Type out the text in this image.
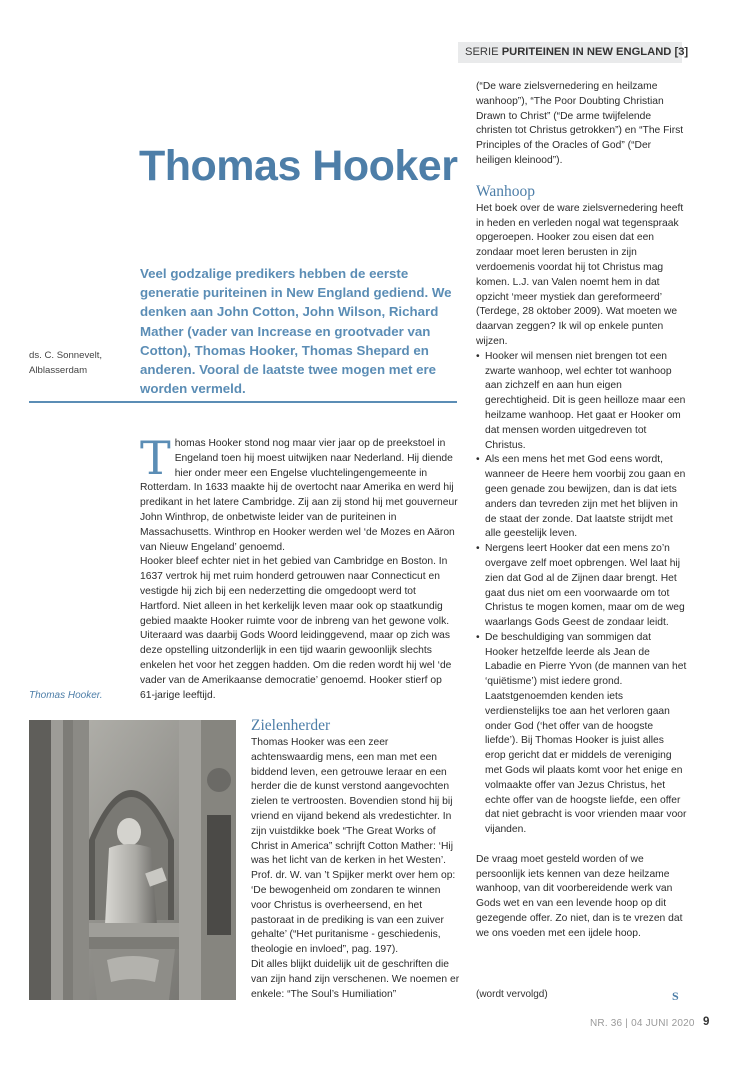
SERIE PURITEINEN IN NEW ENGLAND [3]
Thomas Hooker

Veel godzalige predikers hebben de eerste generatie puriteinen in New England gediend. We denken aan John Cotton, John Wilson, Richard Mather (vader van Increase en grootvader van Cotton), Thomas Hooker, Thomas Shepard en anderen. Vooral de laatste twee mogen met ere worden vermeld.

ds. C. Sonnevelt,
Alblasserdam

Thomas Hooker stond nog maar vier jaar op de preekstoel in Engeland toen hij moest uitwijken naar Nederland. Hij diende hier onder meer een Engelse vluchtelingengemeente in Rotterdam. In 1633 maakte hij de overtocht naar Amerika en werd hij predikant in het latere Cambridge. Zij aan zij stond hij met gouverneur John Winthrop, de onbetwiste leider van de puriteinen in Massachusetts. Winthrop en Hooker werden wel ‘de Mozes en Aäron van Nieuw Engeland’ genoemd.

Hooker bleef echter niet in het gebied van Cambridge en Boston. In 1637 vertrok hij met ruim honderd getrouwen naar Connecticut en vestigde hij zich bij een nederzetting die omgedoopt werd tot Hartford. Niet alleen in het kerkelijk leven maar ook op staatkundig gebied maakte Hooker ruimte voor de inbreng van het gewone volk. Uiteraard was daarbij Gods Woord leidinggevend, maar op zich was deze opstelling uitzonderlijk in een tijd waarin gewoonlijk slechts enkelen het voor het zeggen hadden. Om die reden wordt hij wel ‘de vader van de Amerikaanse democratie’ genoemd. Hooker stierf op 61-jarige leeftijd.

Thomas Hooker.
Zielenherder

Thomas Hooker was een zeer achtenswaardig mens, een man met een biddend leven, een getrouwe leraar en een herder die de kunst verstond aangevochten zielen te vertroosten. Bovendien stond hij bij vriend en vijand bekend als vredestichter. In zijn vuistdikke boek “The Great Works of Christ in America” schrijft Cotton Mather: ‘Hij was het licht van de kerken in het Westen’. Prof. dr. W. van ’t Spijker merkt over hem op: ‘De bewogenheid om zondaren te winnen voor Christus is overheersend, en het pastoraat in de prediking is van een zuiver gehalte’ (“Het puritanisme - geschiedenis, theologie en invloed”, pag. 197).

Dit alles blijkt duidelijk uit de geschriften die van zijn hand zijn verschenen. We noemen er enkele: “The Soul’s Humiliation”

(“De ware zielsvernedering en heilzame wanhoop”), “The Poor Doubting Christian Drawn to Christ” (“De arme twijfelende christen tot Christus getrokken”) en “The First Principles of the Oracles of God” (“Der heiligen kleinood”).

Wanhoop

Het boek over de ware zielsvernedering heeft in heden en verleden nogal wat tegenspraak opgeroepen. Hooker zou eisen dat een zondaar moet leren berusten in zijn verdoemenis voordat hij tot Christus mag komen. L.J. van Valen noemt hem in dat opzicht ‘meer mystiek dan gereformeerd’ (Terdege, 28 oktober 2009). Wat moeten we daarvan zeggen? Ik wil op enkele punten wijzen.

• Hooker wil mensen niet brengen tot een zwarte wanhoop, wel echter tot wanhoop aan zichzelf en aan hun eigen gerechtigheid. Dit is geen heilloze maar een heilzame wanhoop. Het gaat er Hooker om dat mensen worden uitgedreven tot Christus.
• Als een mens het met God eens wordt, wanneer de Heere hem voorbij zou gaan en geen genade zou bewijzen, dan is dat iets anders dan tevreden zijn met het blijven in de staat der zonde. Dat laatste strijdt met alle geestelijk leven.
• Nergens leert Hooker dat een mens zo’n overgave zelf moet opbrengen. Wel laat hij zien dat God al de Zijnen daar brengt. Het gaat dus niet om een voorwaarde om tot Christus te mogen komen, maar om de weg waarlangs Gods Geest de zondaar leidt.
• De beschuldiging van sommigen dat Hooker hetzelfde leerde als Jean de Labadie en Pierre Yvon (de mannen van het ‘quiëtisme’) mist iedere grond. Laatstgenoemden kenden iets verdienstelijks toe aan het verloren gaan onder God (‘het offer van de hoogste liefde’). Bij Thomas Hooker is juist alles erop gericht dat er middels de vereniging met Gods wil plaats komt voor het enige en volmaakte offer van Jezus Christus, het echte offer van de hoogste liefde, een offer dat niet gebracht is voor vrienden maar voor vijanden.

De vraag moet gesteld worden of we persoonlijk iets kennen van deze heilzame wanhoop, van dit voorbereidende werk van Gods wet en van een levende hoop op dit gezegende offer. Zo niet, dan is te vrezen dat we ons voeden met een ijdele hoop.

(wordt vervolgd)	S
NR. 36 | 04 JUNI 2020 9
